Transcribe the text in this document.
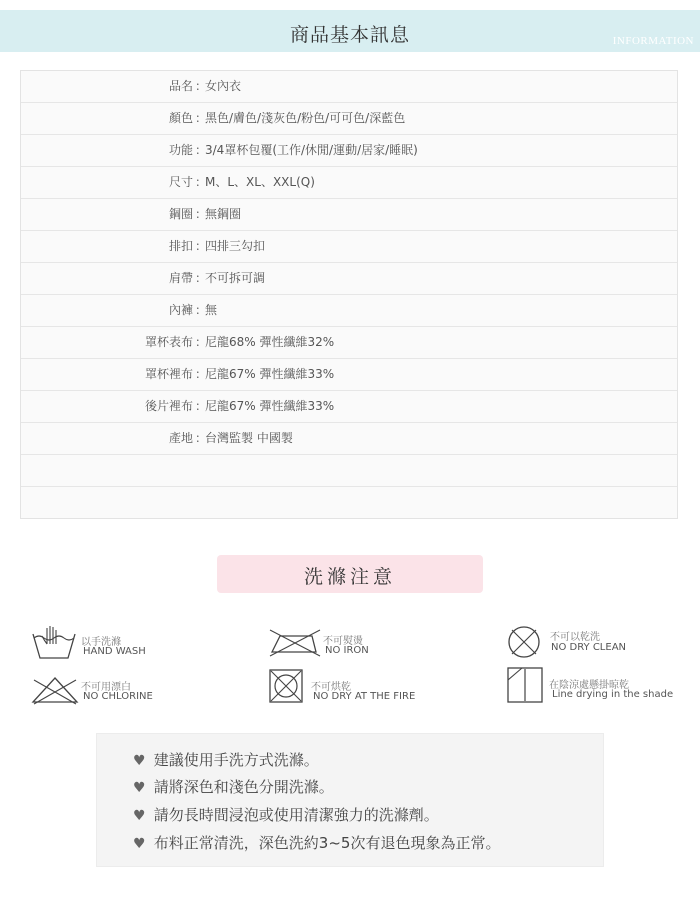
商品基本訊息	INFORMATION
品名 ：
女內衣
顏色 ：
黑色/膚色/淺灰色/粉色/可可色/深藍色
功能 ：
3/4罩杯包覆(工作/休閒/運動/居家/睡眠)
尺寸 ：
M、L、XL、XXL(Q)
鋼圈 ：
無鋼圈
排扣 ：
四排三勾扣
肩帶 ：
不可拆可調
內褲 ：
無
罩杯表布 ：
尼龍68% 彈性纖維32%
罩杯裡布 ：
尼龍67% 彈性纖維33%
後片裡布 ：
尼龍67% 彈性纖維33%
產地 ：
台灣監製 中國製
洗滌注意
以手洗滌
HAND WASH
不可熨燙
NO IRON
不可以乾洗
NO DRY CLEAN
不可用漂白
NO CHLORINE
不可烘乾
NO DRY AT THE FIRE
在陰涼處懸掛晾乾
Line drying in the shade
♥ 建議使用手洗方式洗滌。
♥ 請將深色和淺色分開洗滌。
♥ 請勿長時間浸泡或使用清潔強力的洗滌劑。
♥ 布料正常清洗，深色洗約3~5次有退色現象為正常。
